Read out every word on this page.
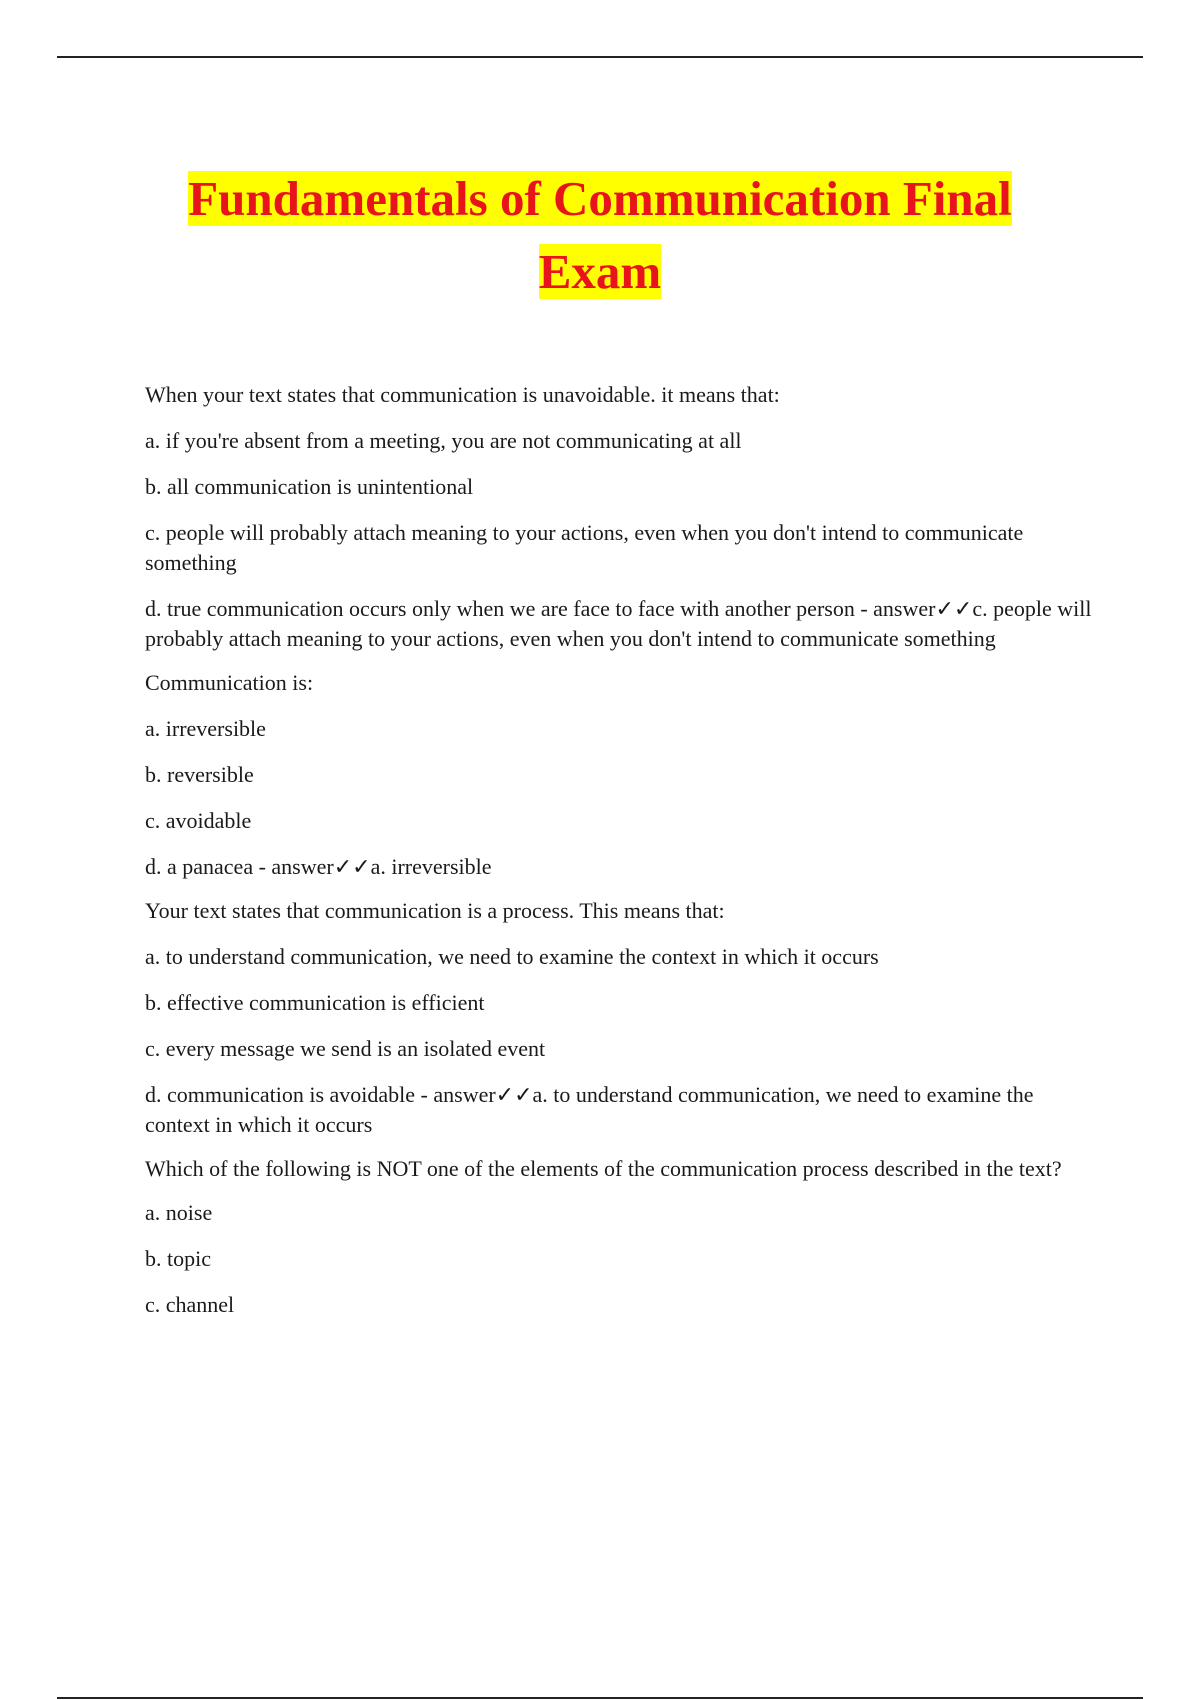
Fundamentals of Communication Final
Exam

When your text states that communication is unavoidable. it means that:

a. if you're absent from a meeting, you are not communicating at all

b. all communication is unintentional

c. people will probably attach meaning to your actions, even when you don't intend to communicate something

d. true communication occurs only when we are face to face with another person - answer✓✓c. people will probably attach meaning to your actions, even when you don't intend to communicate something

Communication is:

a. irreversible

b. reversible

c. avoidable

d. a panacea - answer✓✓a. irreversible

Your text states that communication is a process. This means that:

a. to understand communication, we need to examine the context in which it occurs

b. effective communication is efficient

c. every message we send is an isolated event

d. communication is avoidable - answer✓✓a. to understand communication, we need to examine the context in which it occurs

Which of the following is NOT one of the elements of the communication process described in the text?

a. noise

b. topic

c. channel
